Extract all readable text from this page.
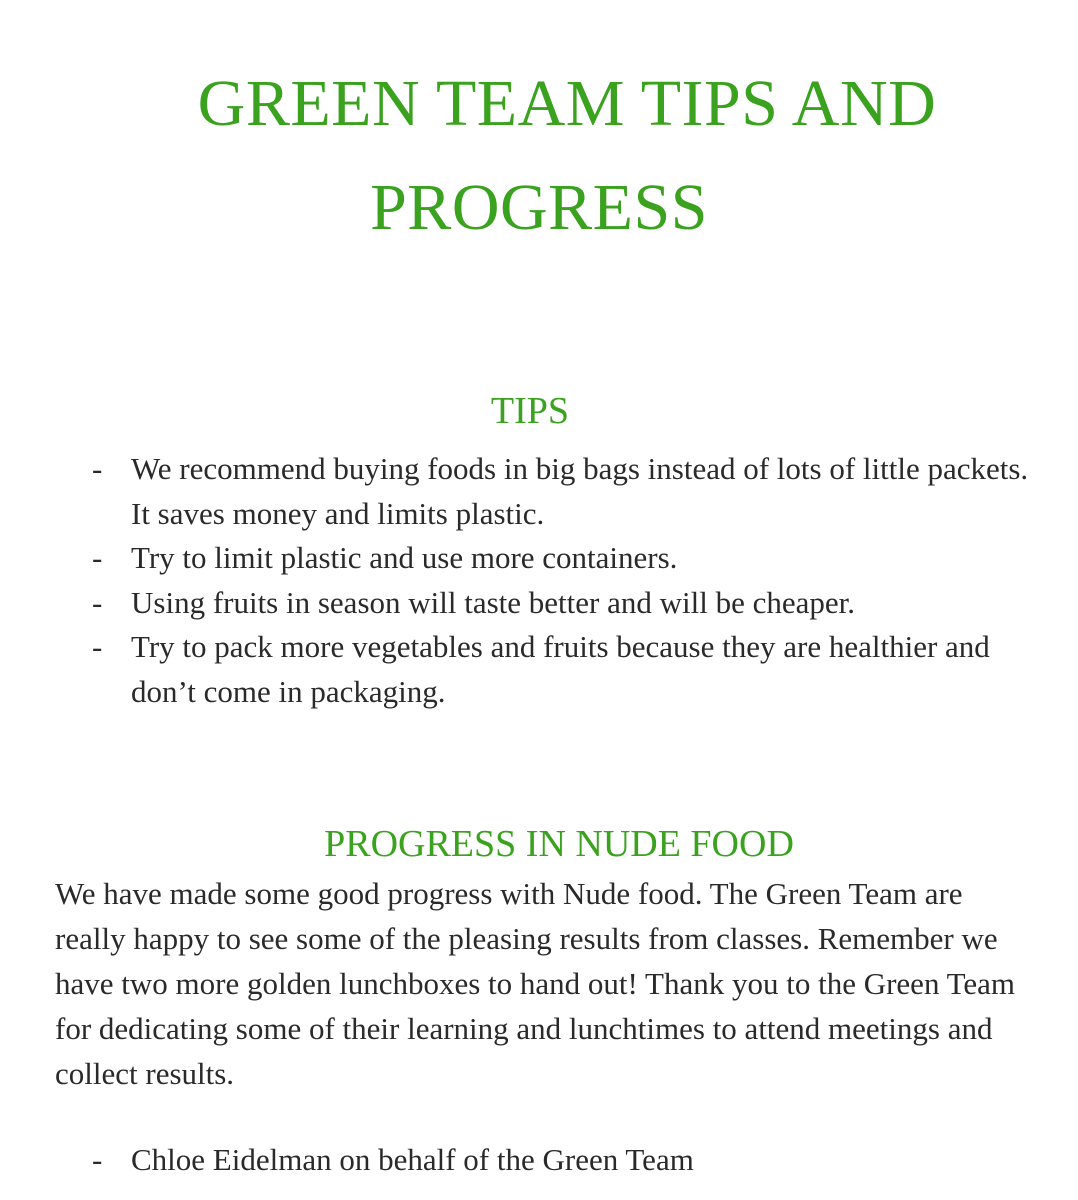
GREEN TEAM TIPS AND
PROGRESS
TIPS
- We recommend buying foods in big bags instead of lots of little packets. It saves money and limits plastic.
- Try to limit plastic and use more containers.
- Using fruits in season will taste better and will be cheaper.
- Try to pack more vegetables and fruits because they are healthier and don’t come in packaging.
PROGRESS IN NUDE FOOD

We have made some good progress with Nude food. The Green Team are really happy to see some of the pleasing results from classes. Remember we have two more golden lunchboxes to hand out! Thank you to the Green Team for dedicating some of their learning and lunchtimes to attend meetings and collect results.

- Chloe Eidelman on behalf of the Green Team
